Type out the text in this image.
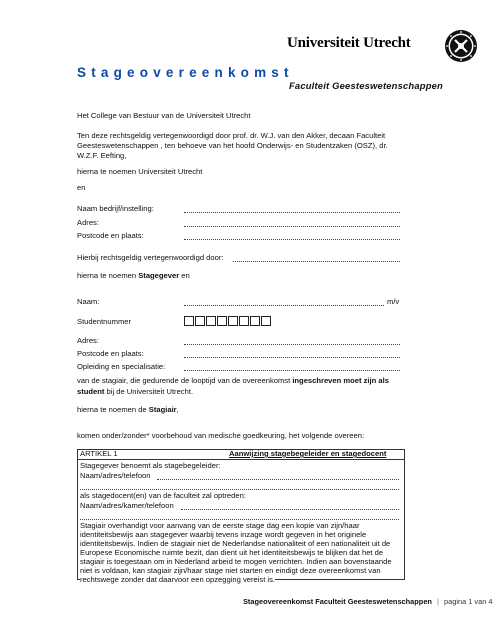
Universiteit Utrecht
Faculteit Geesteswetenschappen
Stageovereenkomst
Het College van Bestuur van de Universiteit Utrecht
Ten deze rechtsgeldig vertegenwoordigd door prof. dr. W.J. van den Akker, decaan Faculteit
Geesteswetenschappen , ten behoeve van het hoofd Onderwijs- en Studentzaken (OSZ), dr.
W.Z.F. Eefting,
hierna te noemen Universiteit Utrecht
en
Naam bedrijf/instelling:
Adres:
Postcode en plaats:
Hierbij rechtsgeldig vertegenwoordigd door:
hierna te noemen Stagegever en
Naam:	m/v
Studentnummer
Adres:
Postcode en plaats:
Opleiding en specialisatie:
van de stagiair, die gedurende de looptijd van de overeenkomst ingeschreven moet zijn als
student bij de Universiteit Utrecht.
hierna te noemen de Stagiair,
komen onder/zonder* voorbehoud van medische goedkeuring, het volgende overeen:
ARTIKEL 1	Aanwijzing stagebegeleider en stagedocent
Stagegever benoemt als stagebegeleider:
Naam/adres/telefoon
als stagedocent(en) van de faculteit zal optreden:
Naam/adres/kamer/telefoon
Stagiair overhandigt voor aanvang van de eerste stage dag een kopie van zijn/haar
identiteitsbewijs aan stagegever waarbij tevens inzage wordt gegeven in het originele
identiteitsbewijs. Indien de stagiair niet de Nederlandse nationaliteit of een nationaliteit uit de
Europese Economische ruimte bezit, dan dient uit het identiteitsbewijs te blijken dat het de
stagiair is toegestaan om in Nederland arbeid te mogen verrichten. Indien aan bovenstaande
niet is voldaan, kan stagiair zijn/haar stage niet starten en eindigt deze overeenkomst van
rechtswege zonder dat daarvoor een opzegging vereist is.
Stageovereenkomst Faculteit Geesteswetenschappen | pagina 1 van 4
